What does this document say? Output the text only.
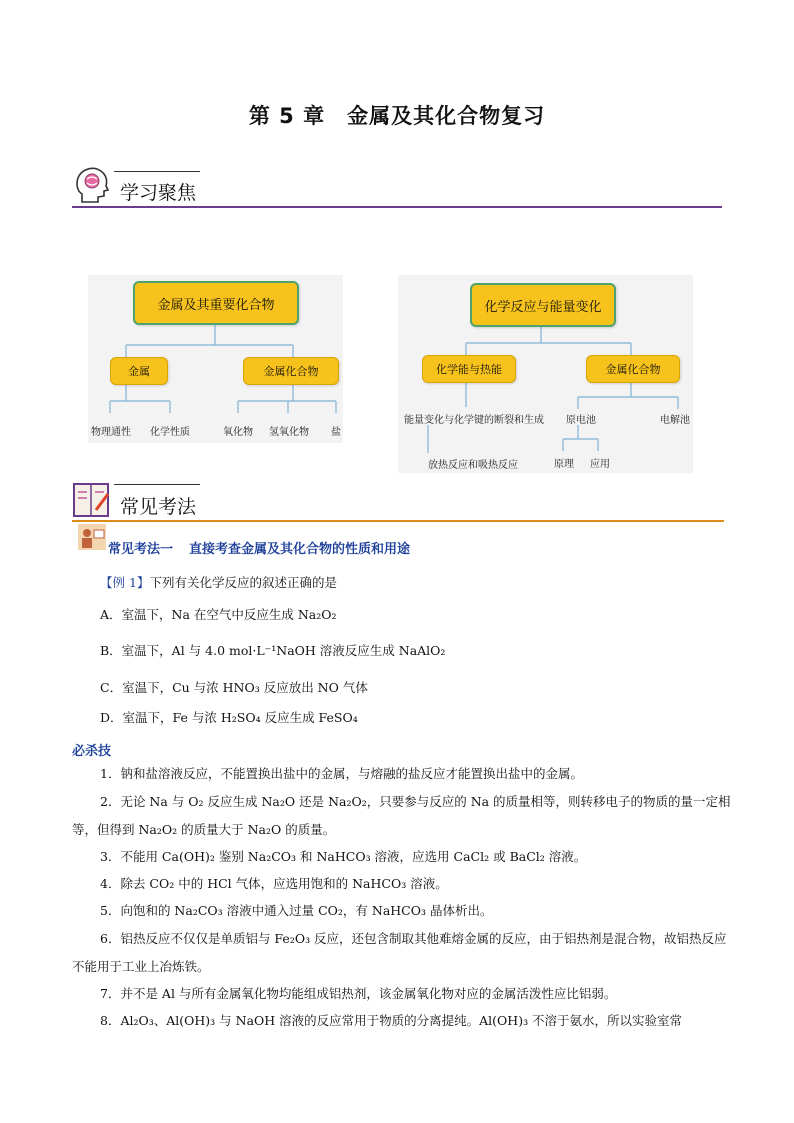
第 5 章　金属及其化合物复习
学习聚焦
金属及其重要化合物
金属	金属化合物
物理通性 化学性质	氧化物 氢氧化物 盐
化学反应与能量变化
化学能与热能	金属化合物
能量变化与化学键的断裂和生成
放热反应和吸热反应
原电池	电解池
原理 应用
常见考法
常见考法一 直接考查金属及其化合物的性质和用途
【例 1】下列有关化学反应的叙述正确的是
A．室温下，Na 在空气中反应生成 Na₂O₂
B．室温下，Al 与 4.0 mol·L⁻¹NaOH 溶液反应生成 NaAlO₂
C．室温下，Cu 与浓 HNO₃ 反应放出 NO 气体
D．室温下，Fe 与浓 H₂SO₄ 反应生成 FeSO₄
必杀技
1．钠和盐溶液反应，不能置换出盐中的金属，与熔融的盐反应才能置换出盐中的金属。
2．无论 Na 与 O₂ 反应生成 Na₂O 还是 Na₂O₂，只要参与反应的 Na 的质量相等，则转移电子的物质的量一定相等，但得到 Na₂O₂ 的质量大于 Na₂O 的质量。
3．不能用 Ca(OH)₂ 鉴别 Na₂CO₃ 和 NaHCO₃ 溶液，应选用 CaCl₂ 或 BaCl₂ 溶液。
4．除去 CO₂ 中的 HCl 气体，应选用饱和的 NaHCO₃ 溶液。
5．向饱和的 Na₂CO₃ 溶液中通入过量 CO₂，有 NaHCO₃ 晶体析出。
6．铝热反应不仅仅是单质铝与 Fe₂O₃ 反应，还包含制取其他难熔金属的反应，由于铝热剂是混合物，故铝热反应不能用于工业上冶炼铁。
7．并不是 Al 与所有金属氧化物均能组成铝热剂，该金属氧化物对应的金属活泼性应比铝弱。
8．Al₂O₃、Al(OH)₃ 与 NaOH 溶液的反应常用于物质的分离提纯。Al(OH)₃ 不溶于氨水，所以实验室常
